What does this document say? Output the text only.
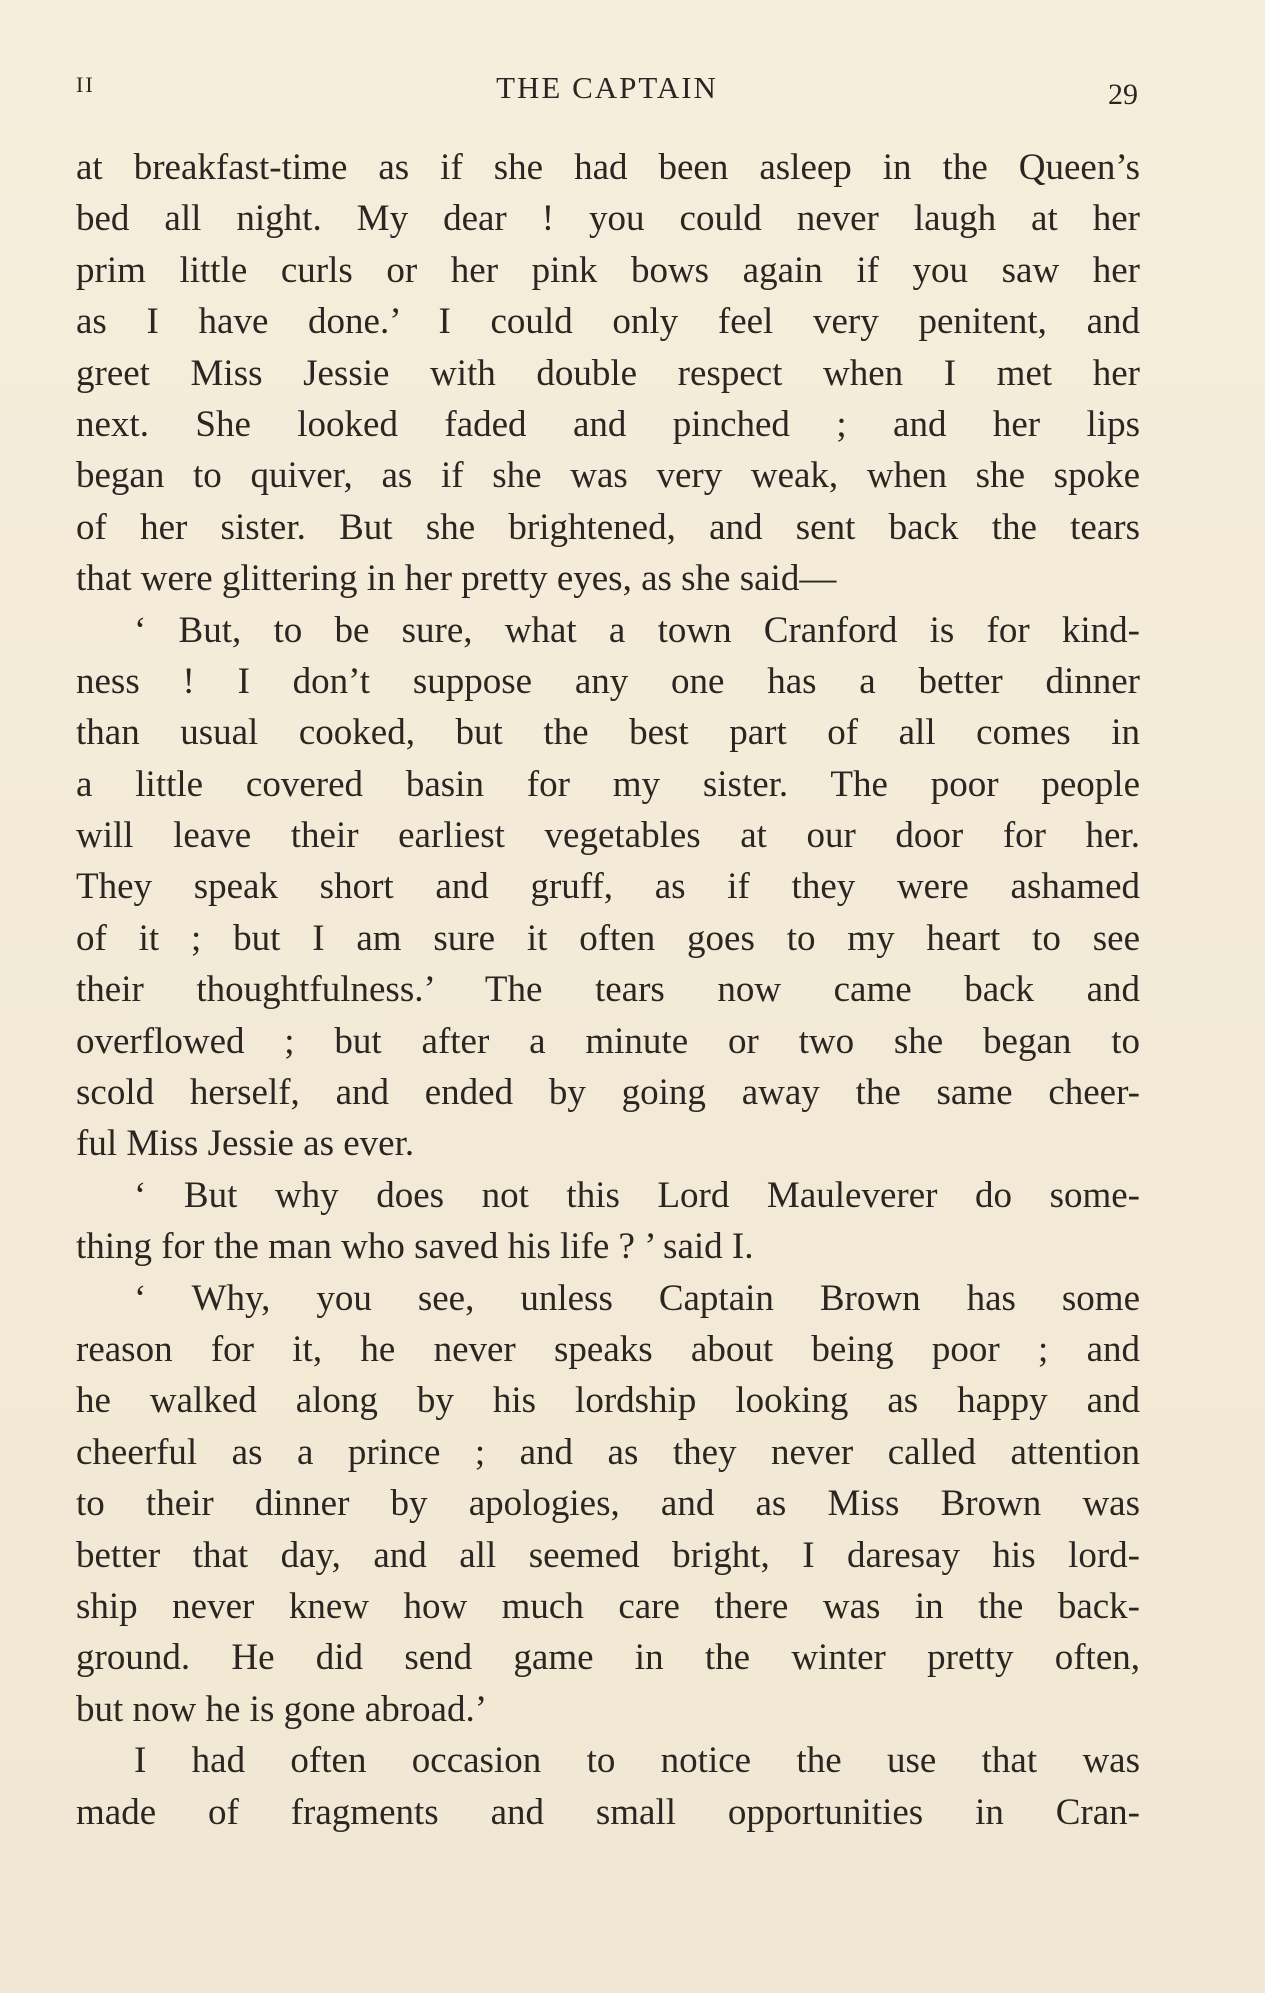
II	THE CAPTAIN	29
at breakfast-time as if she had been asleep in the Queen’s
bed all night. My dear ! you could never laugh at her
prim little curls or her pink bows again if you saw her
as I have done.’ I could only feel very penitent, and
greet Miss Jessie with double respect when I met her
next. She looked faded and pinched ; and her lips
began to quiver, as if she was very weak, when she spoke
of her sister. But she brightened, and sent back the tears
that were glittering in her pretty eyes, as she said—
‘ But, to be sure, what a town Cranford is for kind-
ness ! I don’t suppose any one has a better dinner
than usual cooked, but the best part of all comes in
a little covered basin for my sister. The poor people
will leave their earliest vegetables at our door for her.
They speak short and gruff, as if they were ashamed
of it ; but I am sure it often goes to my heart to see
their thoughtfulness.’ The tears now came back and
overflowed ; but after a minute or two she began to
scold herself, and ended by going away the same cheer-
ful Miss Jessie as ever.
‘ But why does not this Lord Mauleverer do some-
thing for the man who saved his life ? ’ said I.
‘ Why, you see, unless Captain Brown has some
reason for it, he never speaks about being poor ; and
he walked along by his lordship looking as happy and
cheerful as a prince ; and as they never called attention
to their dinner by apologies, and as Miss Brown was
better that day, and all seemed bright, I daresay his lord-
ship never knew how much care there was in the back-
ground. He did send game in the winter pretty often,
but now he is gone abroad.’
I had often occasion to notice the use that was
made of fragments and small opportunities in Cran-
